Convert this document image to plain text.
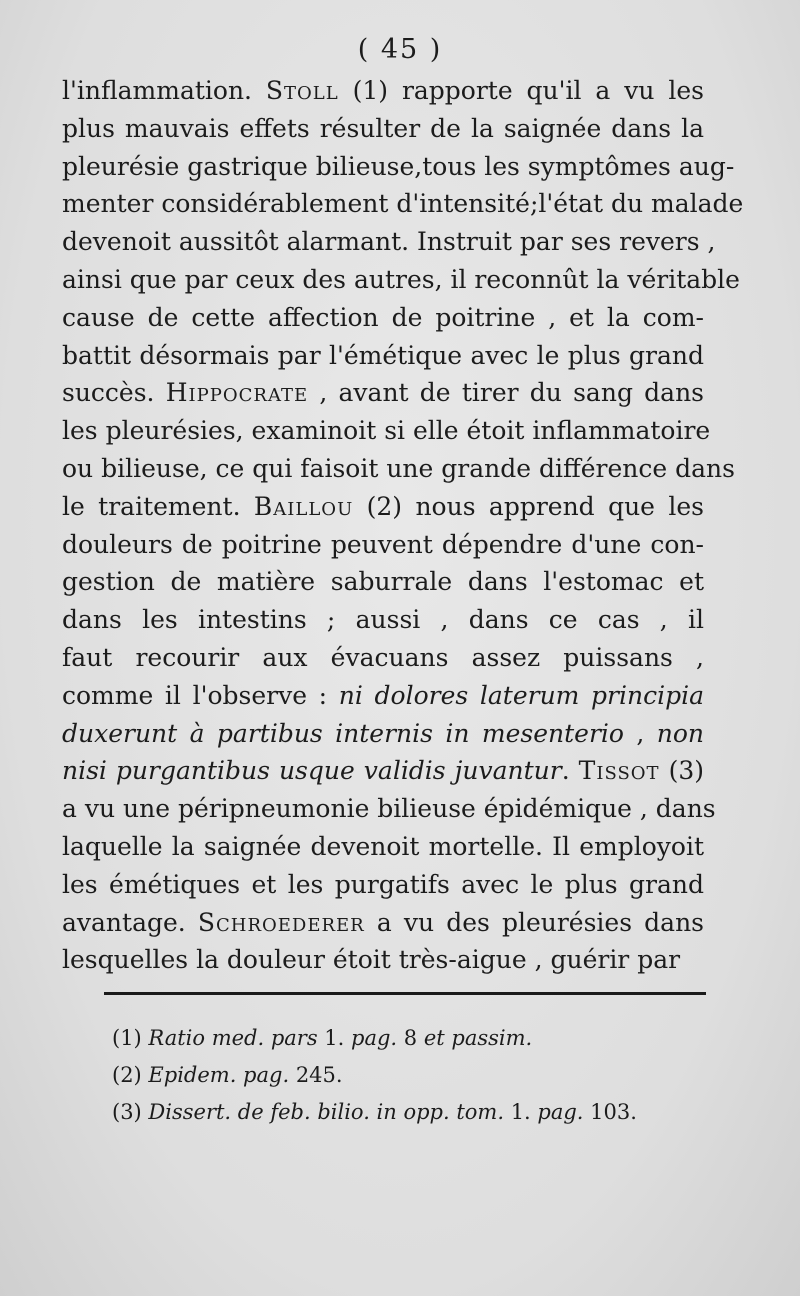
( 45 )
l'inflammation. Stoll (1) rapporte qu'il a vu les
plus mauvais effets résulter de la saignée dans la
pleurésie gastrique bilieuse,tous les symptômes aug-
menter considérablement d'intensité;l'état du malade
devenoit aussitôt alarmant. Instruit par ses revers ,
ainsi que par ceux des autres, il reconnût la véritable
cause de cette affection de poitrine , et la com-
battit désormais par l'émétique avec le plus grand
succès. Hippocrate , avant de tirer du sang dans
les pleurésies, examinoit si elle étoit inflammatoire
ou bilieuse, ce qui faisoit une grande différence dans
le traitement. Baillou (2) nous apprend que les
douleurs de poitrine peuvent dépendre d'une con-
gestion de matière saburrale dans l'estomac et
dans les intestins ; aussi , dans ce cas , il
faut recourir aux évacuans assez puissans ,
comme il l'observe : ni dolores laterum principia
duxerunt à partibus internis in mesenterio , non
nisi purgantibus usque validis juvantur. Tissot (3)
a vu une péripneumonie bilieuse épidémique , dans
laquelle la saignée devenoit mortelle. Il employoit
les émétiques et les purgatifs avec le plus grand
avantage. Schroederer a vu des pleurésies dans
lesquelles la douleur étoit très-aigue , guérir par
(1) Ratio med. pars 1. pag. 8 et passim.
(2) Epidem. pag. 245.
(3) Dissert. de feb. bilio. in opp. tom. 1. pag. 103.
